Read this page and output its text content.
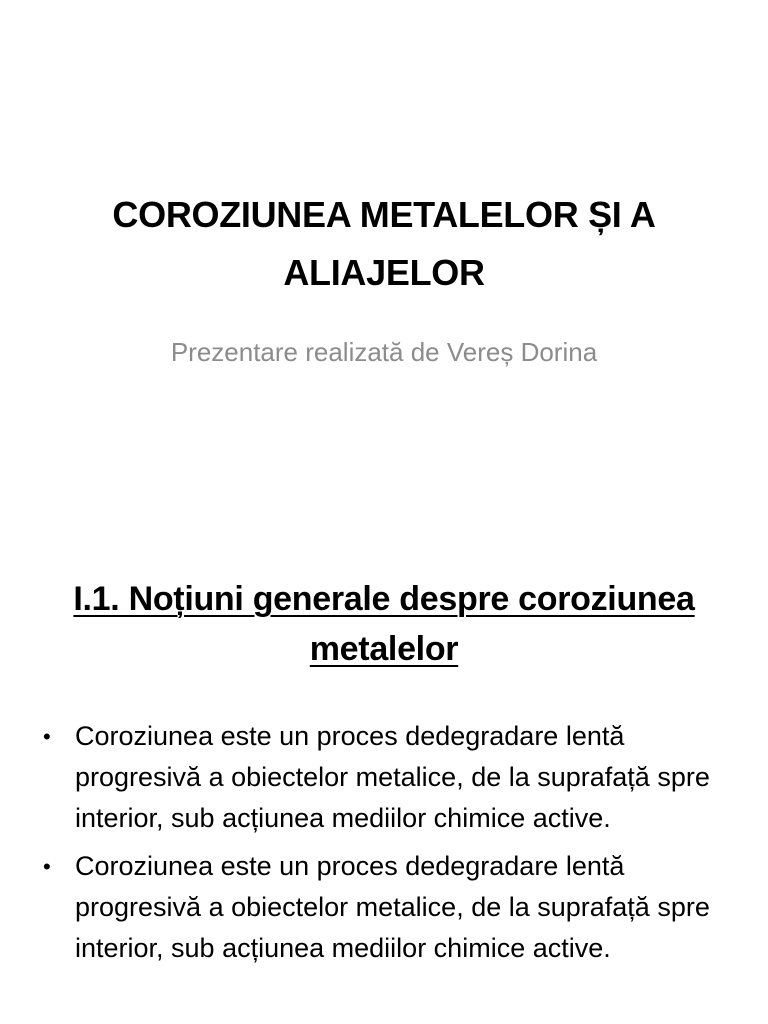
COROZIUNEA METALELOR ȘI A ALIAJELOR
Prezentare realizată de Vereș Dorina
I.1. Noțiuni generale despre coroziunea metalelor
• Coroziunea este un proces dedegradare lentă progresivă a obiectelor metalice, de la suprafață spre interior, sub acțiunea mediilor chimice active.
• Coroziunea este un proces dedegradare lentă progresivă a obiectelor metalice, de la suprafață spre interior, sub acțiunea mediilor chimice active.
